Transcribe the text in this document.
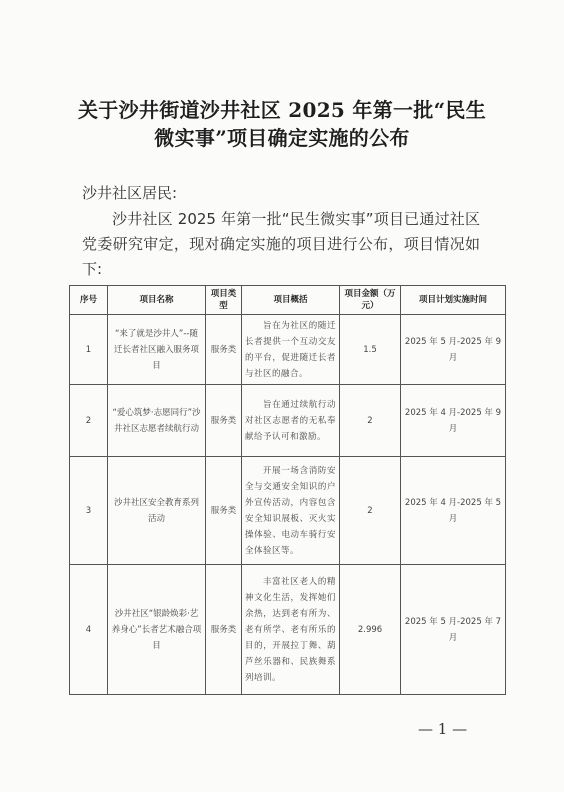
关于沙井街道沙井社区 2025 年第一批“民生微实事”项目确定实施的公布
沙井社区居民:
沙井社区 2025 年第一批“民生微实事”项目已通过社区党委研究审定，现对确定实施的项目进行公布，项目情况如下:
序号	项目名称	项目类型	项目概括	项目金额（万元）	项目计划实施时间
1	“来了就是沙井人”--随迁长者社区融入服务项目	服务类	旨在为社区的随迁长者提供一个互动交友的平台，促进随迁长者与社区的融合。	1.5	2025 年 5 月-2025 年 9 月
2	“爱心筑梦·志愿同行”沙井社区志愿者续航行动	服务类	旨在通过续航行动对社区志愿者的无私奉献给予认可和激励。	2	2025 年 4 月-2025 年 9 月
3	沙井社区安全教育系列活动	服务类	开展一场含消防安全与交通安全知识的户外宣传活动，内容包含安全知识展板、灭火实操体验、电动车骑行安全体验区等。	2	2025 年 4 月-2025 年 5 月
4	沙井社区“银龄焕彩·艺养身心”长者艺术融合项目	服务类	丰富社区老人的精神文化生活，发挥她们余热，达到老有所为、老有所学、老有所乐的目的，开展拉丁舞、葫芦丝乐器和、民族舞系列培训。	2.996	2025 年 5 月-2025 年 7 月
— 1 —
